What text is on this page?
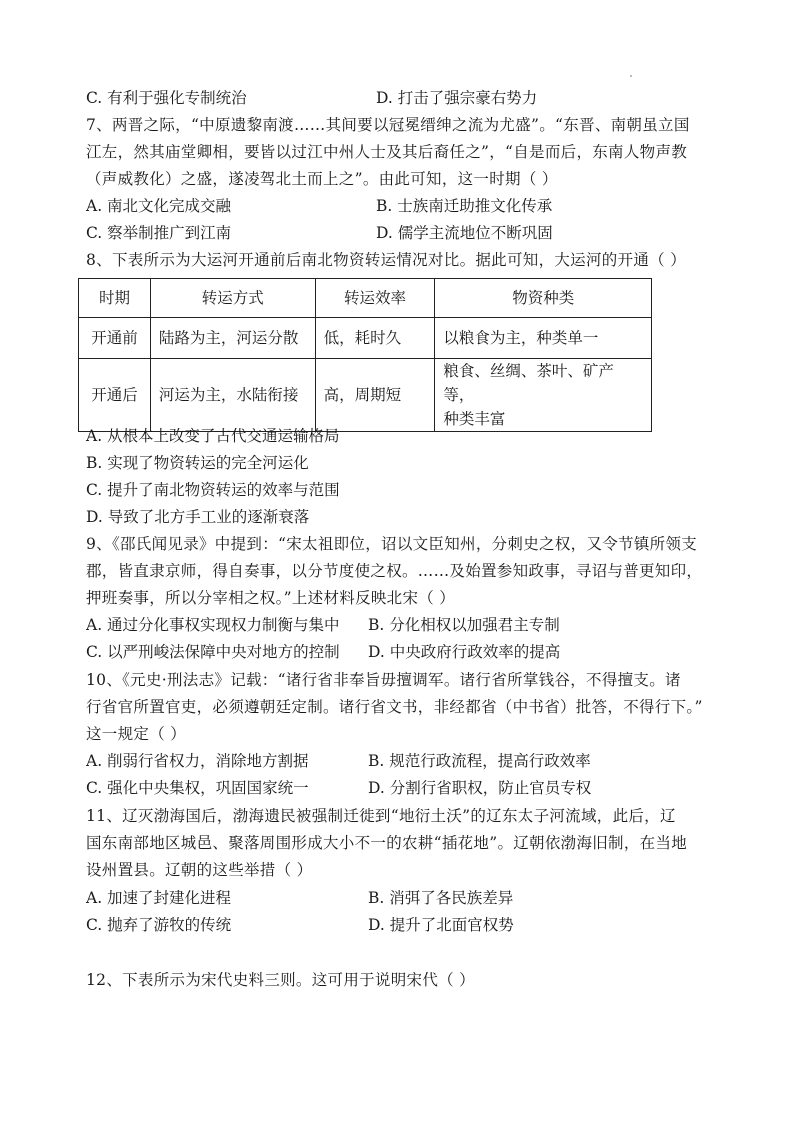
C. 有利于强化专制统治	D. 打击了强宗豪右势力
7、两晋之际，“中原遗黎南渡……其间要以冠冕缙绅之流为尤盛”。“东晋、南朝虽立国
江左，然其庙堂卿相，要皆以过江中州人士及其后裔任之”，“自是而后，东南人物声教
（声威教化）之盛，遂凌驾北土而上之”。由此可知，这一时期（ ）
A. 南北文化完成交融	B. 士族南迁助推文化传承
C. 察举制推广到江南	D. 儒学主流地位不断巩固
8、下表所示为大运河开通前后南北物资转运情况对比。据此可知，大运河的开通（ ）
时期	转运方式	转运效率	物资种类
开通前	陆路为主，河运分散	低，耗时久	以粮食为主，种类单一
开通后	河运为主，水陆衔接	高，周期短	粮食、丝绸、茶叶、矿产等，
种类丰富
A. 从根本上改变了古代交通运输格局
B. 实现了物资转运的完全河运化
C. 提升了南北物资转运的效率与范围
D. 导致了北方手工业的逐渐衰落
9、《邵氏闻见录》中提到：“宋太祖即位，诏以文臣知州，分刺史之权，又令节镇所领支
郡，皆直隶京师，得自奏事，以分节度使之权。……及始置参知政事，寻诏与普更知印，
押班奏事，所以分宰相之权。”上述材料反映北宋（ ）
A. 通过分化事权实现权力制衡与集中 B. 分化相权以加强君主专制
C. 以严刑峻法保障中央对地方的控制 D. 中央政府行政效率的提高
10、《元史·刑法志》记载：“诸行省非奉旨毋擅调军。诸行省所掌钱谷，不得擅支。诸
行省官所置官吏，必须遵朝廷定制。诸行省文书，非经都省（中书省）批答，不得行下。”
这一规定（ ）
A. 削弱行省权力，消除地方割据	B. 规范行政流程，提高行政效率
C. 强化中央集权，巩固国家统一	D. 分割行省职权，防止官员专权
11、辽灭渤海国后，渤海遗民被强制迁徙到“地衍土沃”的辽东太子河流域，此后，辽
国东南部地区城邑、聚落周围形成大小不一的农耕“插花地”。辽朝依渤海旧制，在当地
设州置县。辽朝的这些举措（ ）
A. 加速了封建化进程	B. 消弭了各民族差异
C. 抛弃了游牧的传统	D. 提升了北面官权势
12、下表所示为宋代史料三则。这可用于说明宋代（ ）
